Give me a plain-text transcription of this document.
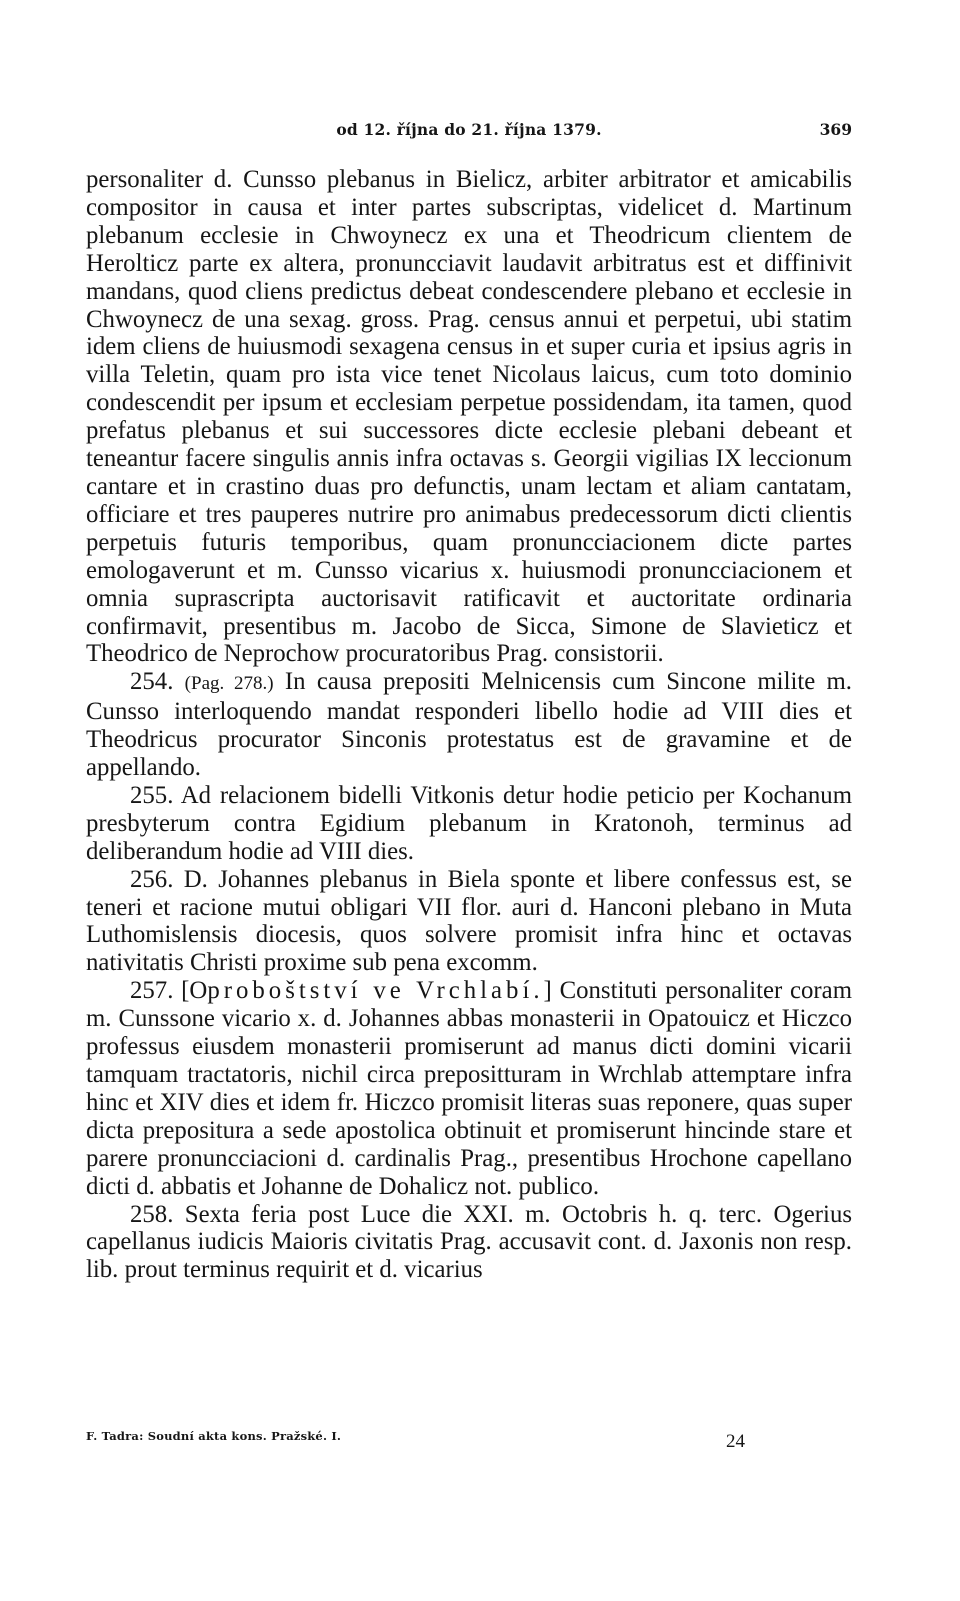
od 12. října do 21. října 1379.	369

personaliter d. Cunsso plebanus in Bielicz, arbiter arbitrator et amicabilis compositor in causa et inter partes subscriptas, videlicet d. Martinum plebanum ecclesie in Chwoynecz ex una et Theodricum clientem de Herolticz parte ex altera, pronuncciavit laudavit arbitratus est et diffinivit mandans, quod cliens predictus debeat condescendere plebano et ecclesie in Chwoynecz de una sexag. gross. Prag. census annui et perpetui, ubi statim idem cliens de huiusmodi sexagena census in et super curia et ipsius agris in villa Teletin, quam pro ista vice tenet Nicolaus laicus, cum toto dominio condescendit per ipsum et ecclesiam perpetue possidendam, ita tamen, quod prefatus plebanus et sui successores dicte ecclesie plebani debeant et teneantur facere singulis annis infra octavas s. Georgii vigilias IX leccionum cantare et in crastino duas pro defunctis, unam lectam et aliam cantatam, officiare et tres pauperes nutrire pro animabus predecessorum dicti clientis perpetuis futuris temporibus, quam pronuncciacionem dicte partes emologaverunt et m. Cunsso vicarius x. huiusmodi pronuncciacionem et omnia suprascripta auctorisavit ratificavit et auctoritate ordinaria confirmavit, presentibus m. Jacobo de Sicca, Simone de Slavieticz et Theodrico de Neprochow procuratoribus Prag. consistorii.

254. (Pag. 278.) In causa prepositi Melnicensis cum Sincone milite m. Cunsso interloquendo mandat responderi libello hodie ad VIII dies et Theodricus procurator Sinconis protestatus est de gravamine et de appellando.

255. Ad relacionem bidelli Vitkonis detur hodie peticio per Kochanum presbyterum contra Egidium plebanum in Kratonoh, terminus ad deliberandum hodie ad VIII dies.

256. D. Johannes plebanus in Biela sponte et libere confessus est, se teneri et racione mutui obligari VII flor. auri d. Hanconi plebano in Muta Luthomislensis diocesis, quos solvere promisit infra hinc et octavas nativitatis Christi proxime sub pena excomm.

257. [Oproboštství ve Vrchlabí.] Constituti personaliter coram m. Cunssone vicario x. d. Johannes abbas monasterii in Opatouicz et Hiczco professus eiusdem monasterii promiserunt ad manus dicti domini vicarii tamquam tractatoris, nichil circa prepositturam in Wrchlab attemptare infra hinc et XIV dies et idem fr. Hiczco promisit literas suas reponere, quas super dicta prepositura a sede apostolica obtinuit et promiserunt hincinde stare et parere pronuncciacioni d. cardinalis Prag., presentibus Hrochone capellano dicti d. abbatis et Johanne de Dohalicz not. publico.

258. Sexta feria post Luce die XXI. m. Octobris h. q. terc. Ogerius capellanus iudicis Maioris civitatis Prag. accusavit cont. d. Jaxonis non resp. lib. prout terminus requirit et d. vicarius

F. Tadra: Soudní akta kons. Pražské. I.	24
